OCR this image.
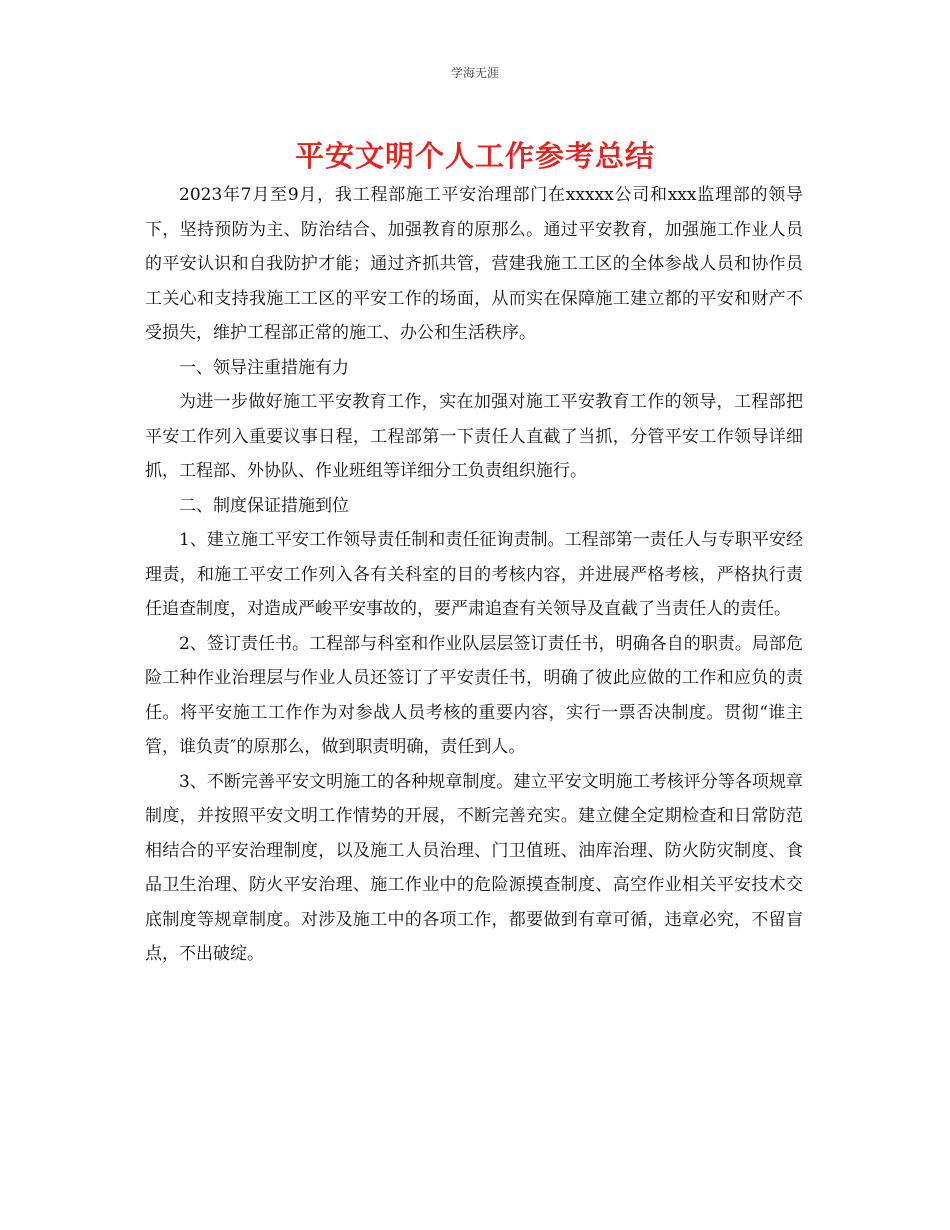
学海无涯
平安文明个人工作参考总结

2023年7月至9月，我工程部施工平安治理部门在xxxxx公司和xxx监理部的领导下，坚持预防为主、防治结合、加强教育的原那么。通过平安教育，加强施工作业人员的平安认识和自我防护才能；通过齐抓共管，营建我施工工区的全体参战人员和协作员工关心和支持我施工工区的平安工作的场面，从而实在保障施工建立都的平安和财产不受损失，维护工程部正常的施工、办公和生活秩序。

一、领导注重措施有力

为进一步做好施工平安教育工作，实在加强对施工平安教育工作的领导，工程部把平安工作列入重要议事日程，工程部第一下责任人直截了当抓，分管平安工作领导详细抓，工程部、外协队、作业班组等详细分工负责组织施行。

二、制度保证措施到位

1、建立施工平安工作领导责任制和责任征询责制。工程部第一责任人与专职平安经理责，和施工平安工作列入各有关科室的目的考核内容，并进展严格考核，严格执行责任追查制度，对造成严峻平安事故的，要严肃追查有关领导及直截了当责任人的责任。

2、签订责任书。工程部与科室和作业队层层签订责任书，明确各自的职责。局部危险工种作业治理层与作业人员还签订了平安责任书，明确了彼此应做的工作和应负的责任。将平安施工工作作为对参战人员考核的重要内容，实行一票否决制度。贯彻“谁主管，谁负责″的原那么，做到职责明确，责任到人。

3、不断完善平安文明施工的各种规章制度。建立平安文明施工考核评分等各项规章制度，并按照平安文明工作情势的开展，不断完善充实。建立健全定期检查和日常防范相结合的平安治理制度，以及施工人员治理、门卫值班、油库治理、防火防灾制度、食品卫生治理、防火平安治理、施工作业中的危险源摸查制度、高空作业相关平安技术交底制度等规章制度。对涉及施工中的各项工作，都要做到有章可循，违章必究，不留盲点，不出破绽。
